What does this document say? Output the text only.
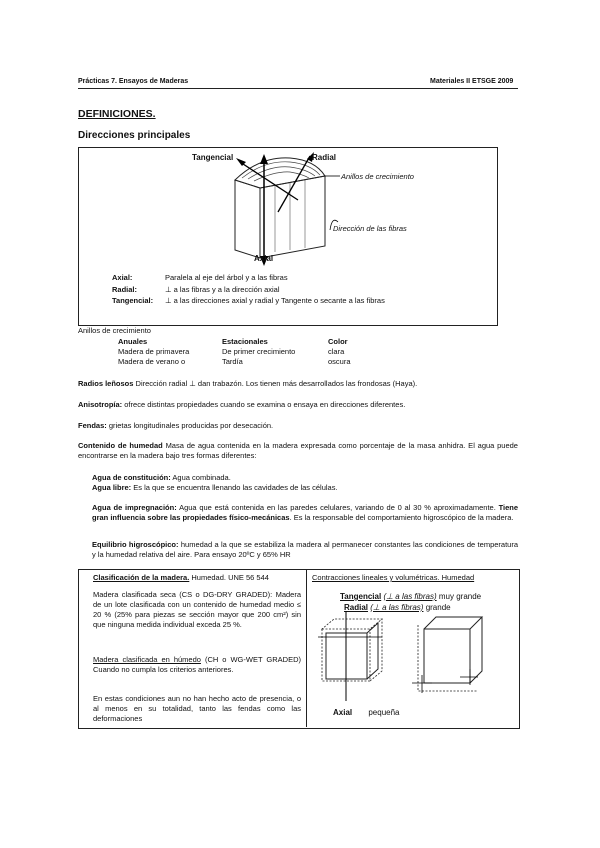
Prácticas 7. Ensayos de Maderas	Materiales II ETSGE 2009
DEFINICIONES.
Direcciones principales
Tangencial	Radial
Anillos de crecimiento
Dirección de las fibras
Axial
Axial:	Paralela al eje del árbol y a las fibras
Radial:	⊥ a las fibras y a la dirección axial
Tangencial: ⊥ a las direcciones axial y radial y Tangente o secante a las fibras
Anillos de crecimiento
Anuales	Estacionales	Color
Madera de primavera	De primer crecimiento	clara
Madera de verano o	Tardía	oscura
Radios leñosos Dirección radial ⊥ dan trabazón. Los tienen más desarrollados las frondosas (Haya).
Anisotropía: ofrece distintas propiedades cuando se examina o ensaya en direcciones diferentes.
Fendas: grietas longitudinales producidas por desecación.
Contenido de humedad Masa de agua contenida en la madera expresada como porcentaje de la masa anhidra. El agua puede encontrarse en la madera bajo tres formas diferentes:
Agua de constitución: Agua combinada.
Agua libre: Es la que se encuentra llenando las cavidades de las células.
Agua de impregnación: Agua que está contenida en las paredes celulares, variando de 0 al 30 % aproximadamente. Tiene gran influencia sobre las propiedades físico-mecánicas. Es la responsable del comportamiento higroscópico de la madera.
Equilibrio higroscópico: humedad a la que se estabiliza la madera al permanecer constantes las condiciones de temperatura y la humedad relativa del aire. Para ensayo 20ºC y 65% HR
Clasificación de la madera. Humedad. UNE 56 544
Madera clasificada seca (CS o DG-DRY GRADED): Madera de un lote clasificada con un contenido de humedad medio ≤ 20 % (25% para piezas se sección mayor que 200 cm²) sin que ninguna medida individual exceda 25 %.
Madera clasificada en húmedo (CH o WG-WET GRADED) Cuando no cumpla los criterios anteriores.
En estas condiciones aun no han hecho acto de presencia, o al menos en su totalidad, tanto las fendas como las deformaciones
Contracciones lineales y volumétricas. Humedad
Tangencial (⊥ a las fibras) muy grande
Radial (⊥ a las fibras) grande
Axial pequeña
